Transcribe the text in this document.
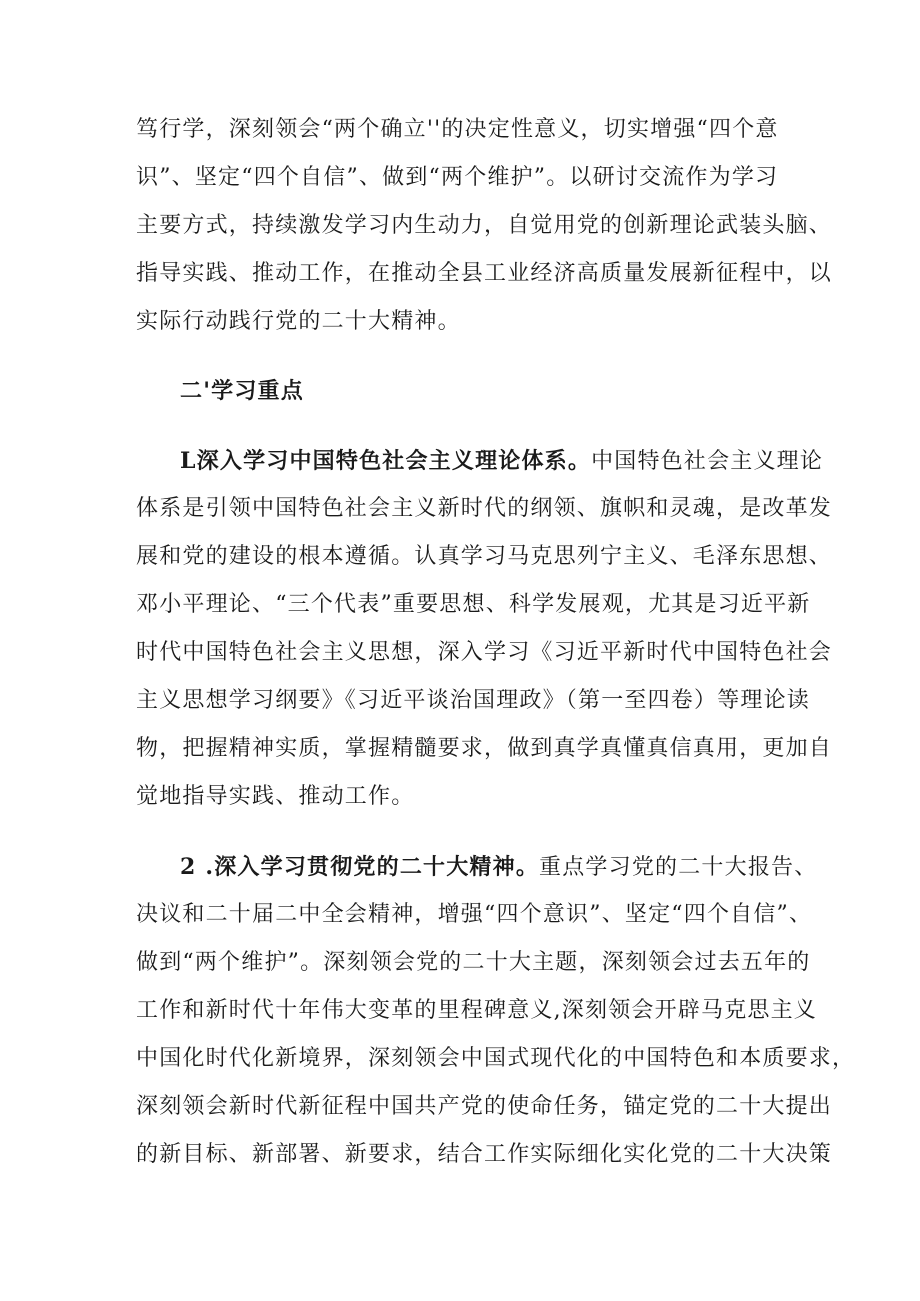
笃行学，深刻领会“两个确立''的决定性意义，切实增强“四个意
识”、坚定“四个自信”、做到“两个维护”。以研讨交流作为学习
主要方式，持续激发学习内生动力，自觉用党的创新理论武装头脑、
指导实践、推动工作，在推动全县工业经济高质量发展新征程中，以
实际行动践行党的二十大精神。
二'学习重点
L深入学习中国特色社会主义理论体系。中国特色社会主义理论
体系是引领中国特色社会主义新时代的纲领、旗帜和灵魂，是改革发
展和党的建设的根本遵循。认真学习马克思列宁主义、毛泽东思想、
邓小平理论、“三个代表”重要思想、科学发展观，尤其是习近平新
时代中国特色社会主义思想，深入学习《习近平新时代中国特色社会
主义思想学习纲要》《习近平谈治国理政》（第一至四卷）等理论读
物，把握精神实质，掌握精髓要求，做到真学真懂真信真用，更加自
觉地指导实践、推动工作。
2 .深入学习贯彻党的二十大精神。重点学习党的二十大报告、
决议和二十届二中全会精神，增强“四个意识”、坚定“四个自信”、
做到“两个维护”。深刻领会党的二十大主题，深刻领会过去五年的
工作和新时代十年伟大变革的里程碑意义,深刻领会开辟马克思主义
中国化时代化新境界，深刻领会中国式现代化的中国特色和本质要求，
深刻领会新时代新征程中国共产党的使命任务，锚定党的二十大提出
的新目标、新部署、新要求，结合工作实际细化实化党的二十大决策
